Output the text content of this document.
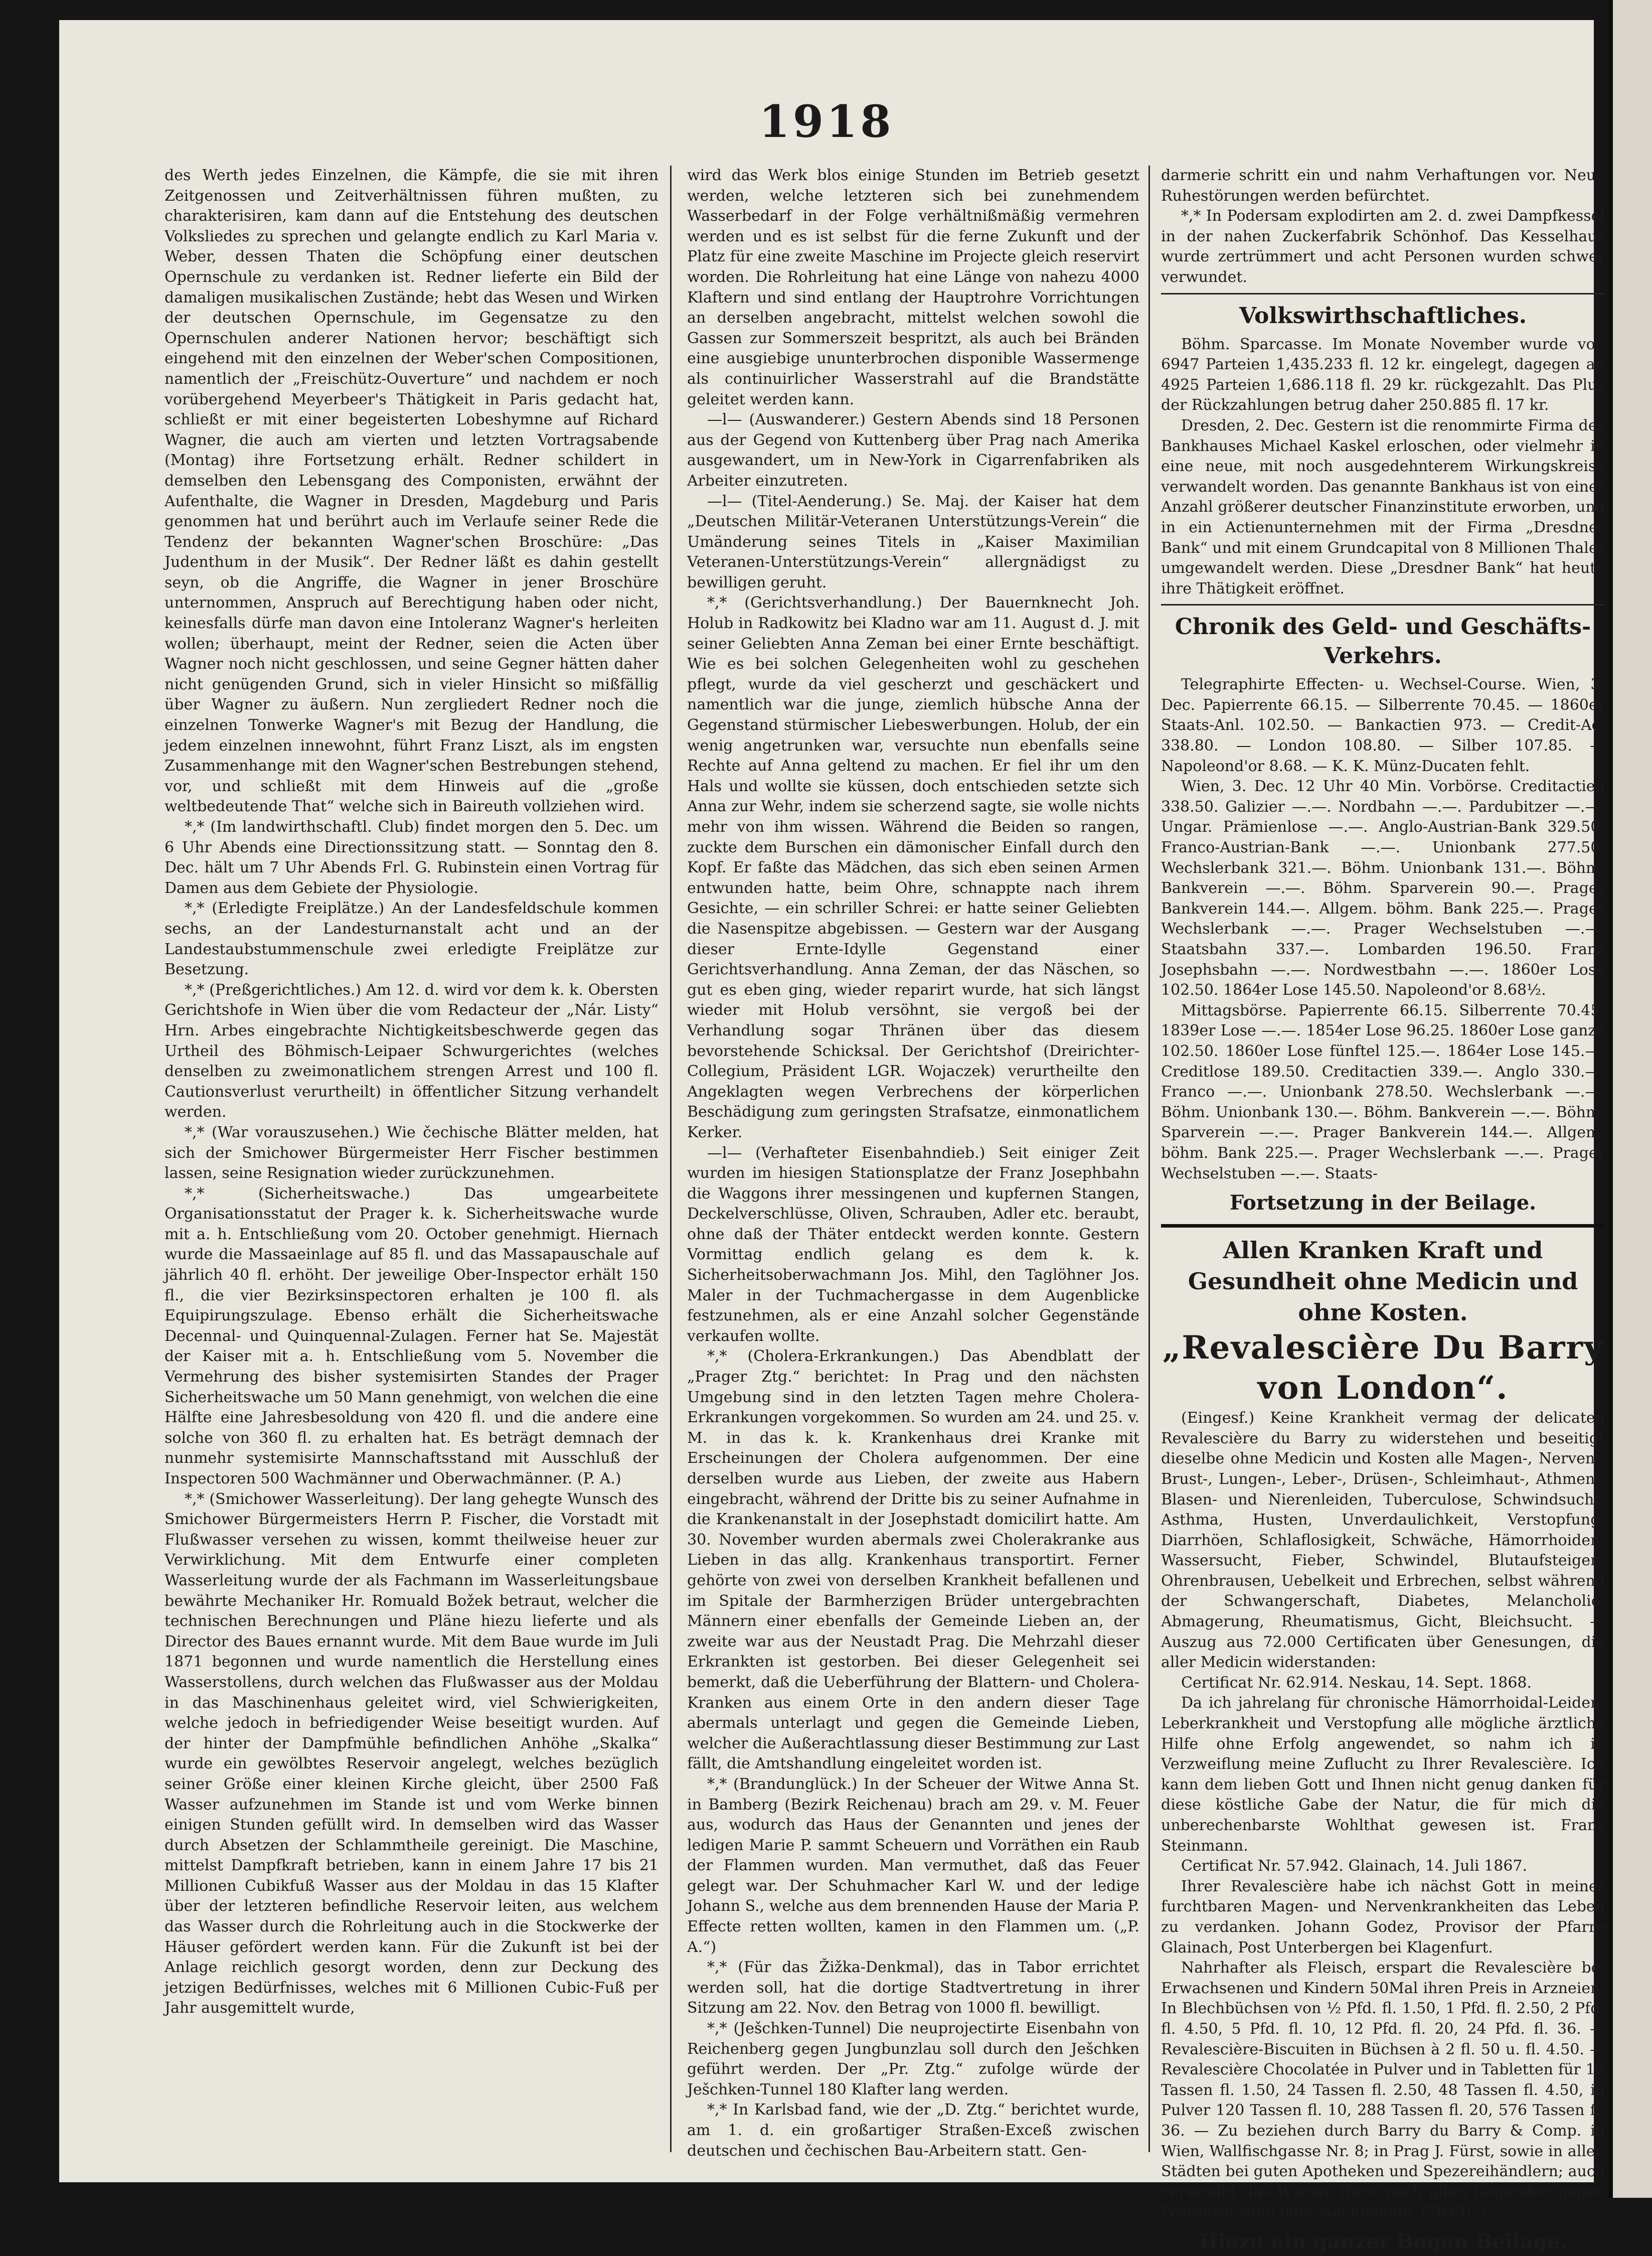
1918

des Werth jedes Einzelnen, die Kämpfe, die sie mit ihren Zeitgenossen und Zeitverhältnissen führen mußten, zu charakterisiren, kam dann auf die Entstehung des deutschen Volksliedes zu sprechen und gelangte endlich zu Karl Maria v. Weber, dessen Thaten die Schöpfung einer deutschen Opernschule zu verdanken ist. Redner lieferte ein Bild der damaligen musikalischen Zustände; hebt das Wesen und Wirken der deutschen Opernschule, im Gegensatze zu den Opernschulen anderer Nationen hervor; beschäftigt sich eingehend mit den einzelnen der Weber'schen Compositionen, namentlich der „Freischütz-Ouverture“ und nachdem er noch vorübergehend Meyerbeer's Thätigkeit in Paris gedacht hat, schließt er mit einer begeisterten Lobeshymne auf Richard Wagner, die auch am vierten und letzten Vortragsabende (Montag) ihre Fortsetzung erhält. Redner schildert in demselben den Lebensgang des Componisten, erwähnt der Aufenthalte, die Wagner in Dresden, Magdeburg und Paris genommen hat und berührt auch im Verlaufe seiner Rede die Tendenz der bekannten Wagner'schen Broschüre: „Das Judenthum in der Musik“. Der Redner läßt es dahin gestellt seyn, ob die Angriffe, die Wagner in jener Broschüre unternommen, Anspruch auf Berechtigung haben oder nicht, keinesfalls dürfe man davon eine Intoleranz Wagner's herleiten wollen; überhaupt, meint der Redner, seien die Acten über Wagner noch nicht geschlossen, und seine Gegner hätten daher nicht genügenden Grund, sich in vieler Hinsicht so mißfällig über Wagner zu äußern. Nun zergliedert Redner noch die einzelnen Tonwerke Wagner's mit Bezug der Handlung, die jedem einzelnen innewohnt, führt Franz Liszt, als im engsten Zusammenhange mit den Wagner'schen Bestrebungen stehend, vor, und schließt mit dem Hinweis auf die „große weltbedeutende That“ welche sich in Baireuth vollziehen wird.

*,* (Im landwirthschaftl. Club) findet morgen den 5. Dec. um 6 Uhr Abends eine Directionssitzung statt. — Sonntag den 8. Dec. hält um 7 Uhr Abends Frl. G. Rubinstein einen Vortrag für Damen aus dem Gebiete der Physiologie.

*,* (Erledigte Freiplätze.) An der Landesfeldschule kommen sechs, an der Landesturnanstalt acht und an der Landestaubstummenschule zwei erledigte Freiplätze zur Besetzung.

*,* (Preßgerichtliches.) Am 12. d. wird vor dem k. k. Obersten Gerichtshofe in Wien über die vom Redacteur der „Nár. Listy“ Hrn. Arbes eingebrachte Nichtigkeitsbeschwerde gegen das Urtheil des Böhmisch-Leipaer Schwurgerichtes (welches denselben zu zweimonatlichem strengen Arrest und 100 fl. Cautionsverlust verurtheilt) in öffentlicher Sitzung verhandelt werden.

*,* (War vorauszusehen.) Wie čechische Blätter melden, hat sich der Smichower Bürgermeister Herr Fischer bestimmen lassen, seine Resignation wieder zurückzunehmen.

*,* (Sicherheitswache.) Das umgearbeitete Organisationsstatut der Prager k. k. Sicherheitswache wurde mit a. h. Entschließung vom 20. October genehmigt. Hiernach wurde die Massaeinlage auf 85 fl. und das Massapauschale auf jährlich 40 fl. erhöht. Der jeweilige Ober-Inspector erhält 150 fl., die vier Bezirksinspectoren erhalten je 100 fl. als Equipirungszulage. Ebenso erhält die Sicherheitswache Decennal- und Quinquennal-Zulagen. Ferner hat Se. Majestät der Kaiser mit a. h. Entschließung vom 5. November die Vermehrung des bisher systemisirten Standes der Prager Sicherheitswache um 50 Mann genehmigt, von welchen die eine Hälfte eine Jahresbesoldung von 420 fl. und die andere eine solche von 360 fl. zu erhalten hat. Es beträgt demnach der nunmehr systemisirte Mannschaftsstand mit Ausschluß der Inspectoren 500 Wachmänner und Oberwachmänner. (P. A.)

*,* (Smichower Wasserleitung). Der lang gehegte Wunsch des Smichower Bürgermeisters Herrn P. Fischer, die Vorstadt mit Flußwasser versehen zu wissen, kommt theilweise heuer zur Verwirklichung. Mit dem Entwurfe einer completen Wasserleitung wurde der als Fachmann im Wasserleitungsbaue bewährte Mechaniker Hr. Romuald Božek betraut, welcher die technischen Berechnungen und Pläne hiezu lieferte und als Director des Baues ernannt wurde. Mit dem Baue wurde im Juli 1871 begonnen und wurde namentlich die Herstellung eines Wasserstollens, durch welchen das Flußwasser aus der Moldau in das Maschinenhaus geleitet wird, viel Schwierigkeiten, welche jedoch in befriedigender Weise beseitigt wurden. Auf der hinter der Dampfmühle befindlichen Anhöhe „Skalka“ wurde ein gewölbtes Reservoir angelegt, welches bezüglich seiner Größe einer kleinen Kirche gleicht, über 2500 Faß Wasser aufzunehmen im Stande ist und vom Werke binnen einigen Stunden gefüllt wird. In demselben wird das Wasser durch Absetzen der Schlammtheile gereinigt. Die Maschine, mittelst Dampfkraft betrieben, kann in einem Jahre 17 bis 21 Millionen Cubikfuß Wasser aus der Moldau in das 15 Klafter über der letzteren befindliche Reservoir leiten, aus welchem das Wasser durch die Rohrleitung auch in die Stockwerke der Häuser gefördert werden kann. Für die Zukunft ist bei der Anlage reichlich gesorgt worden, denn zur Deckung des jetzigen Bedürfnisses, welches mit 6 Millionen Cubic-Fuß per Jahr ausgemittelt wurde,

wird das Werk blos einige Stunden im Betrieb gesetzt werden, welche letzteren sich bei zunehmendem Wasserbedarf in der Folge verhältnißmäßig vermehren werden und es ist selbst für die ferne Zukunft und der Platz für eine zweite Maschine im Projecte gleich reservirt worden. Die Rohrleitung hat eine Länge von nahezu 4000 Klaftern und sind entlang der Hauptrohre Vorrichtungen an derselben angebracht, mittelst welchen sowohl die Gassen zur Sommerszeit bespritzt, als auch bei Bränden eine ausgiebige ununterbrochen disponible Wassermenge als continuirlicher Wasserstrahl auf die Brandstätte geleitet werden kann.

—l— (Auswanderer.) Gestern Abends sind 18 Personen aus der Gegend von Kuttenberg über Prag nach Amerika ausgewandert, um in New-York in Cigarrenfabriken als Arbeiter einzutreten.

—l— (Titel-Aenderung.) Se. Maj. der Kaiser hat dem „Deutschen Militär-Veteranen Unterstützungs-Verein“ die Umänderung seines Titels in „Kaiser Maximilian Veteranen-Unterstützungs-Verein“ allergnädigst zu bewilligen geruht.

*,* (Gerichtsverhandlung.) Der Bauernknecht Joh. Holub in Radkowitz bei Kladno war am 11. August d. J. mit seiner Geliebten Anna Zeman bei einer Ernte beschäftigt. Wie es bei solchen Gelegenheiten wohl zu geschehen pflegt, wurde da viel gescherzt und geschäckert und namentlich war die junge, ziemlich hübsche Anna der Gegenstand stürmischer Liebeswerbungen. Holub, der ein wenig angetrunken war, versuchte nun ebenfalls seine Rechte auf Anna geltend zu machen. Er fiel ihr um den Hals und wollte sie küssen, doch entschieden setzte sich Anna zur Wehr, indem sie scherzend sagte, sie wolle nichts mehr von ihm wissen. Während die Beiden so rangen, zuckte dem Burschen ein dämonischer Einfall durch den Kopf. Er faßte das Mädchen, das sich eben seinen Armen entwunden hatte, beim Ohre, schnappte nach ihrem Gesichte, — ein schriller Schrei: er hatte seiner Geliebten die Nasenspitze abgebissen. — Gestern war der Ausgang dieser Ernte-Idylle Gegenstand einer Gerichtsverhandlung. Anna Zeman, der das Näschen, so gut es eben ging, wieder reparirt wurde, hat sich längst wieder mit Holub versöhnt, sie vergoß bei der Verhandlung sogar Thränen über das diesem bevorstehende Schicksal. Der Gerichtshof (Dreirichter-Collegium, Präsident LGR. Wojaczek) verurtheilte den Angeklagten wegen Verbrechens der körperlichen Beschädigung zum geringsten Strafsatze, einmonatlichem Kerker.

—l— (Verhafteter Eisenbahndieb.) Seit einiger Zeit wurden im hiesigen Stationsplatze der Franz Josephbahn die Waggons ihrer messingenen und kupfernen Stangen, Deckelverschlüsse, Oliven, Schrauben, Adler etc. beraubt, ohne daß der Thäter entdeckt werden konnte. Gestern Vormittag endlich gelang es dem k. k. Sicherheitsoberwachmann Jos. Mihl, den Taglöhner Jos. Maler in der Tuchmachergasse in dem Augenblicke festzunehmen, als er eine Anzahl solcher Gegenstände verkaufen wollte.

*,* (Cholera-Erkrankungen.) Das Abendblatt der „Prager Ztg.“ berichtet: In Prag und den nächsten Umgebung sind in den letzten Tagen mehre Cholera-Erkrankungen vorgekommen. So wurden am 24. und 25. v. M. in das k. k. Krankenhaus drei Kranke mit Erscheinungen der Cholera aufgenommen. Der eine derselben wurde aus Lieben, der zweite aus Habern eingebracht, während der Dritte bis zu seiner Aufnahme in die Krankenanstalt in der Josephstadt domicilirt hatte. Am 30. November wurden abermals zwei Cholerakranke aus Lieben in das allg. Krankenhaus transportirt. Ferner gehörte von zwei von derselben Krankheit befallenen und im Spitale der Barmherzigen Brüder untergebrachten Männern einer ebenfalls der Gemeinde Lieben an, der zweite war aus der Neustadt Prag. Die Mehrzahl dieser Erkrankten ist gestorben. Bei dieser Gelegenheit sei bemerkt, daß die Ueberführung der Blattern- und Cholera-Kranken aus einem Orte in den andern dieser Tage abermals unterlagt und gegen die Gemeinde Lieben, welcher die Außerachtlassung dieser Bestimmung zur Last fällt, die Amtshandlung eingeleitet worden ist.

*,* (Brandunglück.) In der Scheuer der Witwe Anna St. in Bamberg (Bezirk Reichenau) brach am 29. v. M. Feuer aus, wodurch das Haus der Genannten und jenes der ledigen Marie P. sammt Scheuern und Vorräthen ein Raub der Flammen wurden. Man vermuthet, daß das Feuer gelegt war. Der Schuhmacher Karl W. und der ledige Johann S., welche aus dem brennenden Hause der Maria P. Effecte retten wollten, kamen in den Flammen um. („P. A.“)

*,* (Für das Žižka-Denkmal), das in Tabor errichtet werden soll, hat die dortige Stadtvertretung in ihrer Sitzung am 22. Nov. den Betrag von 1000 fl. bewilligt.

*,* (Ješchken-Tunnel) Die neuprojectirte Eisenbahn von Reichenberg gegen Jungbunzlau soll durch den Ješchken geführt werden. Der „Pr. Ztg.“ zufolge würde der Ješchken-Tunnel 180 Klafter lang werden.

*,* In Karlsbad fand, wie der „D. Ztg.“ berichtet wurde, am 1. d. ein großartiger Straßen-Exceß zwischen deutschen und čechischen Bau-Arbeitern statt. Gen-

darmerie schritt ein und nahm Verhaftungen vor. Neue Ruhestörungen werden befürchtet.

*,* In Podersam explodirten am 2. d. zwei Dampfkessel in der nahen Zuckerfabrik Schönhof. Das Kesselhaus wurde zertrümmert und acht Personen wurden schwer verwundet.

Volkswirthschaftliches.

Böhm. Sparcasse. Im Monate November wurde von 6947 Parteien 1,435.233 fl. 12 kr. eingelegt, dagegen an 4925 Parteien 1,686.118 fl. 29 kr. rückgezahlt. Das Plus der Rückzahlungen betrug daher 250.885 fl. 17 kr.

Dresden, 2. Dec. Gestern ist die renommirte Firma des Bankhauses Michael Kaskel erloschen, oder vielmehr in eine neue, mit noch ausgedehnterem Wirkungskreise verwandelt worden. Das genannte Bankhaus ist von einer Anzahl größerer deutscher Finanzinstitute erworben, und in ein Actienunternehmen mit der Firma „Dresdner Bank“ und mit einem Grundcapital von 8 Millionen Thaler umgewandelt werden. Diese „Dresdner Bank“ hat heute ihre Thätigkeit eröffnet.

Chronik des Geld- und Geschäfts-Verkehrs.

Telegraphirte Effecten- u. Wechsel-Course. Wien, 3. Dec. Papierrente 66.15. — Silberrente 70.45. — 1860er Staats-Anl. 102.50. — Bankactien 973. — Credit-Ac. 338.80. — London 108.80. — Silber 107.85. — Napoleond'or 8.68. — K. K. Münz-Ducaten fehlt.

Wien, 3. Dec. 12 Uhr 40 Min. Vorbörse. Creditactien 338.50. Galizier —.—. Nordbahn —.—. Pardubitzer —.—. Ungar. Prämienlose —.—. Anglo-Austrian-Bank 329.50. Franco-Austrian-Bank —.—. Unionbank 277.50. Wechslerbank 321.—. Böhm. Unionbank 131.—. Böhm. Bankverein —.—. Böhm. Sparverein 90.—. Prager Bankverein 144.—. Allgem. böhm. Bank 225.—. Prager Wechslerbank —.—. Prager Wechselstuben —.—. Staatsbahn 337.—. Lombarden 196.50. Franz Josephsbahn —.—. Nordwestbahn —.—. 1860er Lose 102.50. 1864er Lose 145.50. Napoleond'or 8.68½.

Mittagsbörse. Papierrente 66.15. Silberrente 70.45. 1839er Lose —.—. 1854er Lose 96.25. 1860er Lose ganze 102.50. 1860er Lose fünftel 125.—. 1864er Lose 145.—. Creditlose 189.50. Creditactien 339.—. Anglo 330.—. Franco —.—. Unionbank 278.50. Wechslerbank —.—. Böhm. Unionbank 130.—. Böhm. Bankverein —.—. Böhm. Sparverein —.—. Prager Bankverein 144.—. Allgem. böhm. Bank 225.—. Prager Wechslerbank —.—. Prager Wechselstuben —.—. Staats-

Fortsetzung in der Beilage.
Allen Kranken Kraft und Gesundheit ohne Medicin und ohne Kosten.
„Revalescière Du Barry von London“.

(Eingesf.) Keine Krankheit vermag der delicaten Revalescière du Barry zu widerstehen und beseitigt dieselbe ohne Medicin und Kosten alle Magen-, Nerven-, Brust-, Lungen-, Leber-, Drüsen-, Schleimhaut-, Athmen-, Blasen- und Nierenleiden, Tuberculose, Schwindsucht, Asthma, Husten, Unverdaulichkeit, Verstopfung, Diarrhöen, Schlaflosigkeit, Schwäche, Hämorrhoiden, Wassersucht, Fieber, Schwindel, Blutaufsteigen, Ohrenbrausen, Uebelkeit und Erbrechen, selbst während der Schwangerschaft, Diabetes, Melancholie, Abmagerung, Rheumatismus, Gicht, Bleichsucht. — Auszug aus 72.000 Certificaten über Genesungen, die aller Medicin widerstanden:

Certificat Nr. 62.914. Neskau, 14. Sept. 1868.

Da ich jahrelang für chronische Hämorrhoidal-Leiden, Leberkrankheit und Verstopfung alle mögliche ärztliche Hilfe ohne Erfolg angewendet, so nahm ich in Verzweiflung meine Zuflucht zu Ihrer Revalescière. Ich kann dem lieben Gott und Ihnen nicht genug danken für diese köstliche Gabe der Natur, die für mich die unberechenbarste Wohlthat gewesen ist. Franz Steinmann.

Certificat Nr. 57.942. Glainach, 14. Juli 1867.

Ihrer Revalescière habe ich nächst Gott in meiner furchtbaren Magen- und Nervenkrankheiten das Leben zu verdanken. Johann Godez, Provisor der Pfarre Glainach, Post Unterbergen bei Klagenfurt.

Nahrhafter als Fleisch, erspart die Revalescière bei Erwachsenen und Kindern 50Mal ihren Preis in Arzneien. In Blechbüchsen von ½ Pfd. fl. 1.50, 1 Pfd. fl. 2.50, 2 Pfd. fl. 4.50, 5 Pfd. fl. 10, 12 Pfd. fl. 20, 24 Pfd. fl. 36. — Revalescière-Biscuiten in Büchsen à 2 fl. 50 u. fl. 4.50. — Revalescière Chocolatée in Pulver und in Tabletten für 12 Tassen fl. 1.50, 24 Tassen fl. 2.50, 48 Tassen fl. 4.50, in Pulver 120 Tassen fl. 10, 288 Tassen fl. 20, 576 Tassen fl. 36. — Zu beziehen durch Barry du Barry & Comp. in Wien, Wallfischgasse Nr. 8; in Prag J. Fürst, sowie in allen Städten bei guten Apotheken und Spezereihändlern; auch versendet das Wiener Haus nach allen Gegenden gegen Postanweisung oder Nachnahme. (7649) 5

Hiezu ein ganzer Bogen Beilage.
